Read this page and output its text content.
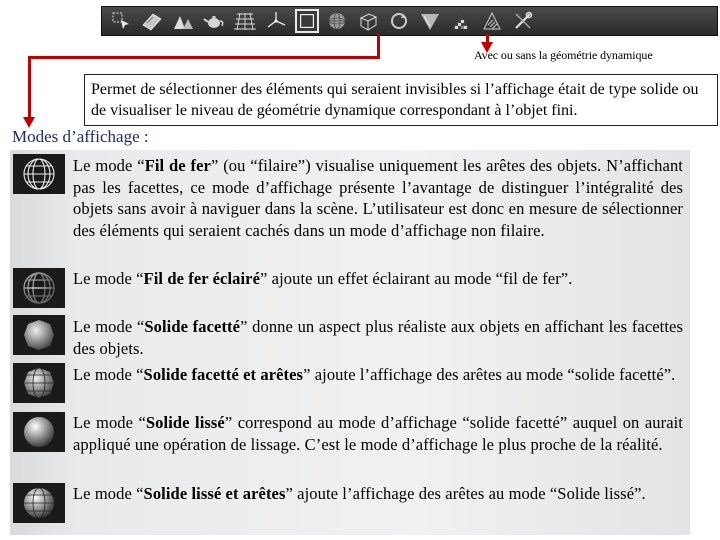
Avec ou sans la géométrie dynamique
Permet de sélectionner des éléments qui seraient invisibles si l’affichage était de type solide ou de visualiser le niveau de géométrie dynamique correspondant à l’objet fini.
Modes d’affichage :
Le mode “Fil de fer” (ou “filaire”) visualise uniquement les arêtes des objets. N’affichant pas les facettes, ce mode d’affichage présente l’avantage de distinguer l’intégralité des objets sans avoir à naviguer dans la scène. L’utilisateur est donc en mesure de sélectionner des éléments qui seraient cachés dans un mode d’affichage non filaire.
Le mode “Fil de fer éclairé” ajoute un effet éclairant au mode “fil de fer”.
Le mode “Solide facetté” donne un aspect plus réaliste aux objets en affichant les facettes des objets.
Le mode “Solide facetté et arêtes” ajoute l’affichage des arêtes au mode “solide facetté”.
Le mode “Solide lissé” correspond au mode d’affichage “solide facetté” auquel on aurait appliqué une opération de lissage. C’est le mode d’affichage le plus proche de la réalité.
Le mode “Solide lissé et arêtes” ajoute l’affichage des arêtes au mode “Solide lissé”.
